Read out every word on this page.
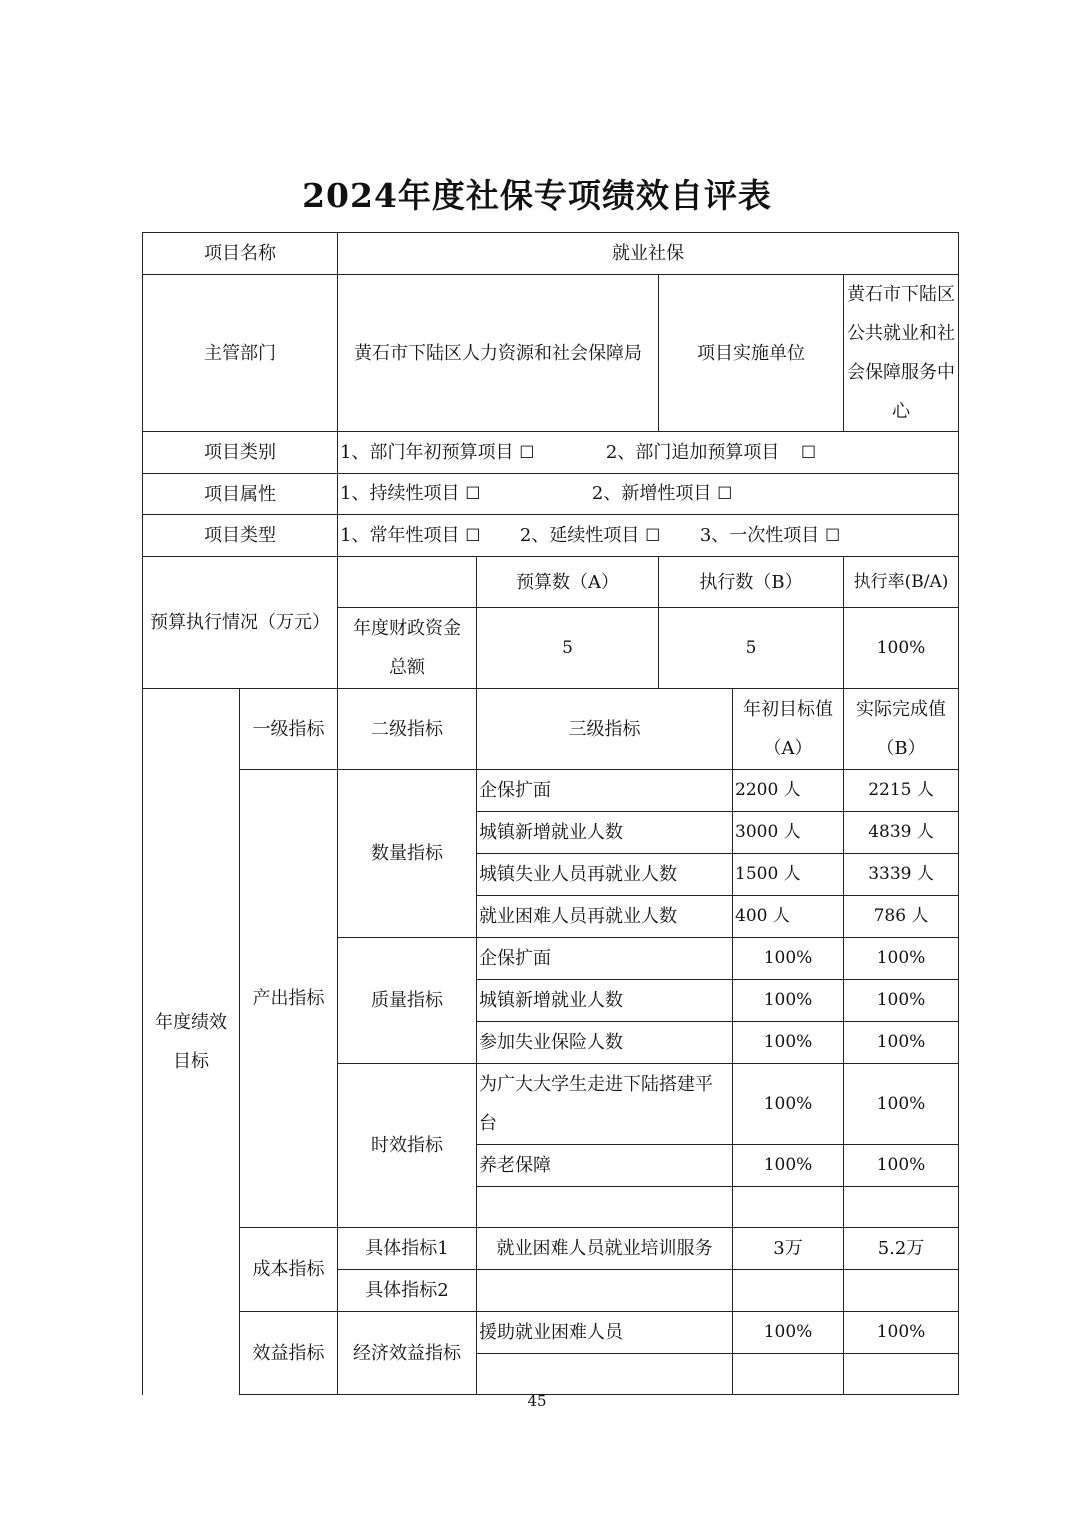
2024年度社保专项绩效自评表
项目名称		就业社保				
主管部门		黄石市下陆区人力资源和社会保障局		项目实施单位		黄石市下陆区公共就业和社会保障服务中心
项目类别		1、部门年初预算项目 ☐ 2、部门追加预算项目 ☐				
项目属性		1、持续性项目 ☐ 2、新增性项目 ☐				
项目类型		1、常年性项目 ☐ 2、延续性项目 ☐ 3、一次性项目 ☐				
预算执行情况（万元）			预算数（A）	执行数（B）		执行率(B/A)
		年度财政资金总额	5	5		100%
年度绩效目标	一级指标	二级指标	三级指标		年初目标值（A）	实际完成值（B）
	产出指标	数量指标	企保扩面		2200 人	2215 人
			城镇新增就业人数		3000 人	4839 人
			城镇失业人员再就业人数		1500 人	3339 人
			就业困难人员再就业人数		400 人	786 人
		质量指标	企保扩面		100%	100%
			城镇新增就业人数		100%	100%
			参加失业保险人数		100%	100%
		时效指标	为广大大学生走进下陆搭建平台		100%	100%
			养老保障		100%	100%

	成本指标	具体指标1	就业困难人员就业培训服务		3万	5.2万
		具体指标2				
	效益指标	经济效益指标	援助就业困难人员		100%	100%

45
